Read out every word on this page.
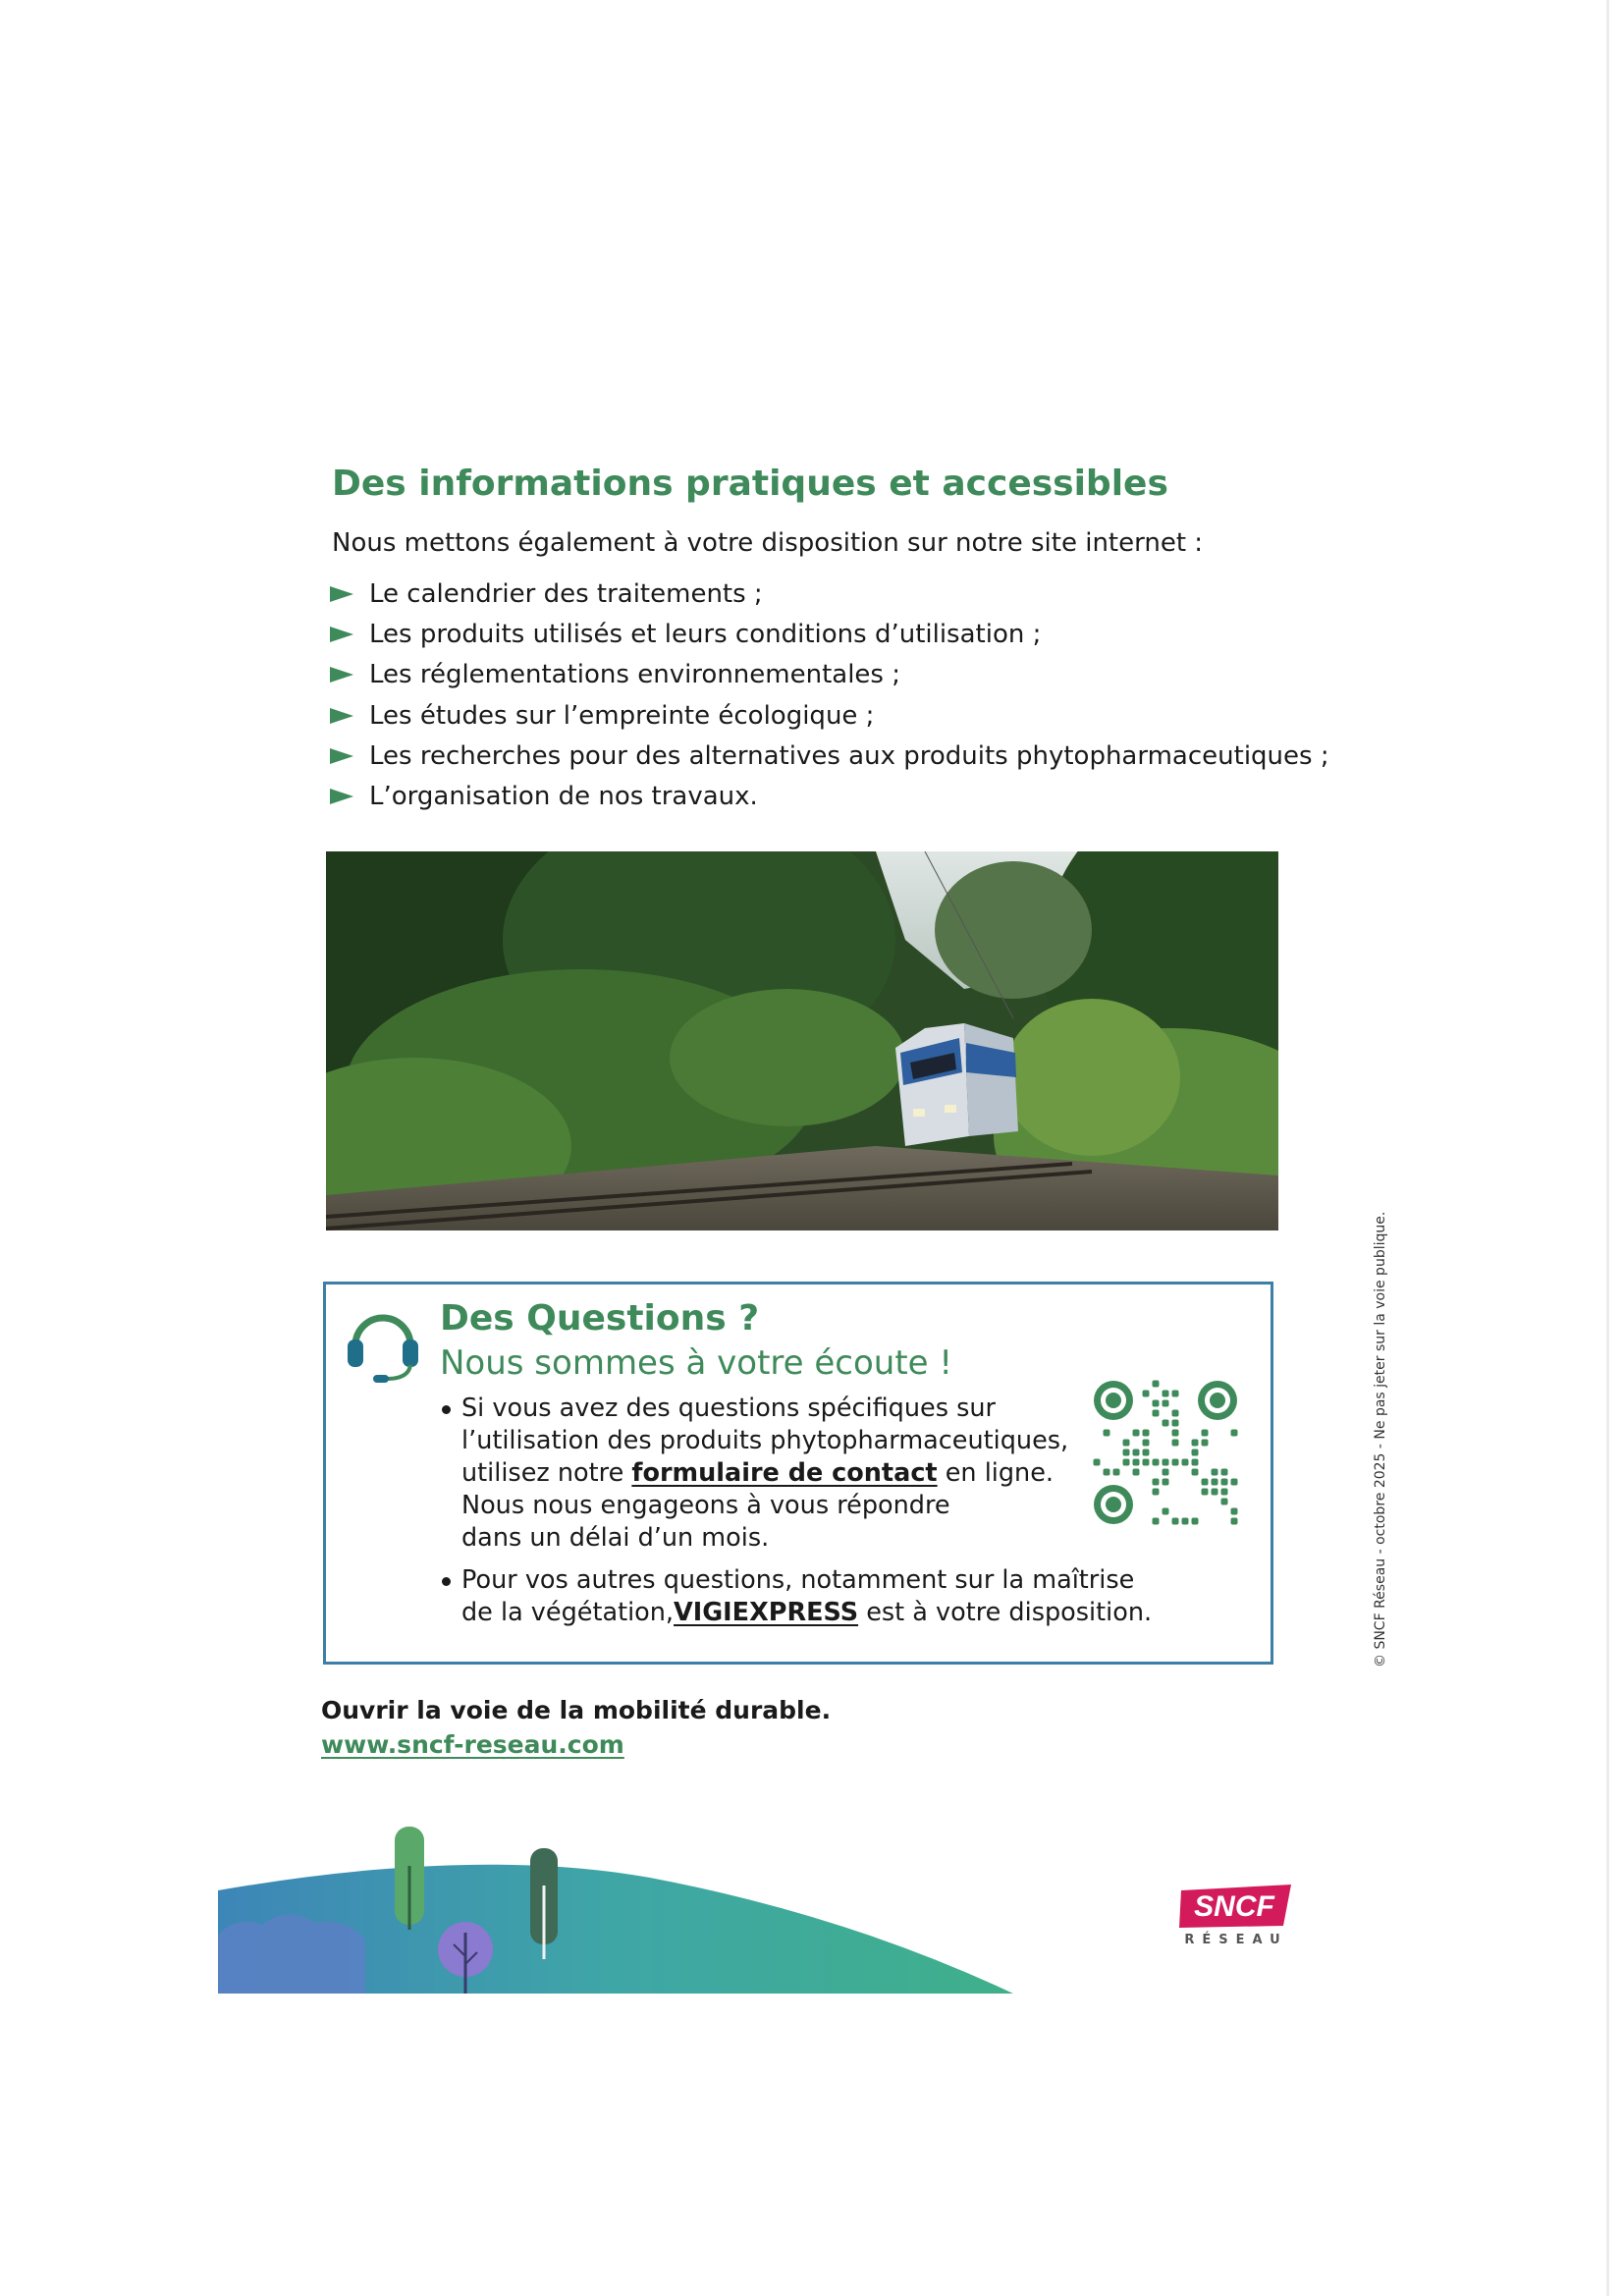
Des informations pratiques et accessibles

Nous mettons également à votre disposition sur notre site internet :

Le calendrier des traitements ;
Les produits utilisés et leurs conditions d’utilisation ;
Les réglementations environnementales ;
Les études sur l’empreinte écologique ;
Les recherches pour des alternatives aux produits phytopharmaceutiques ;
L’organisation de nos travaux.
Des Questions ?

Nous sommes à votre écoute !

Si vous avez des questions spécifiques sur
l’utilisation des produits phytopharmaceutiques,
utilisez notre formulaire de contact en ligne.
Nous nous engageons à vous répondre
dans un délai d’un mois.
Pour vos autres questions, notamment sur la maîtrise
de la végétation,VIGIEXPRESS est à votre disposition.

Ouvrir la voie de la mobilité durable.

www.sncf-reseau.com
SNCF
RÉSEAU
© SNCF Réseau - octobre 2025 - Ne pas jeter sur la voie publique.
